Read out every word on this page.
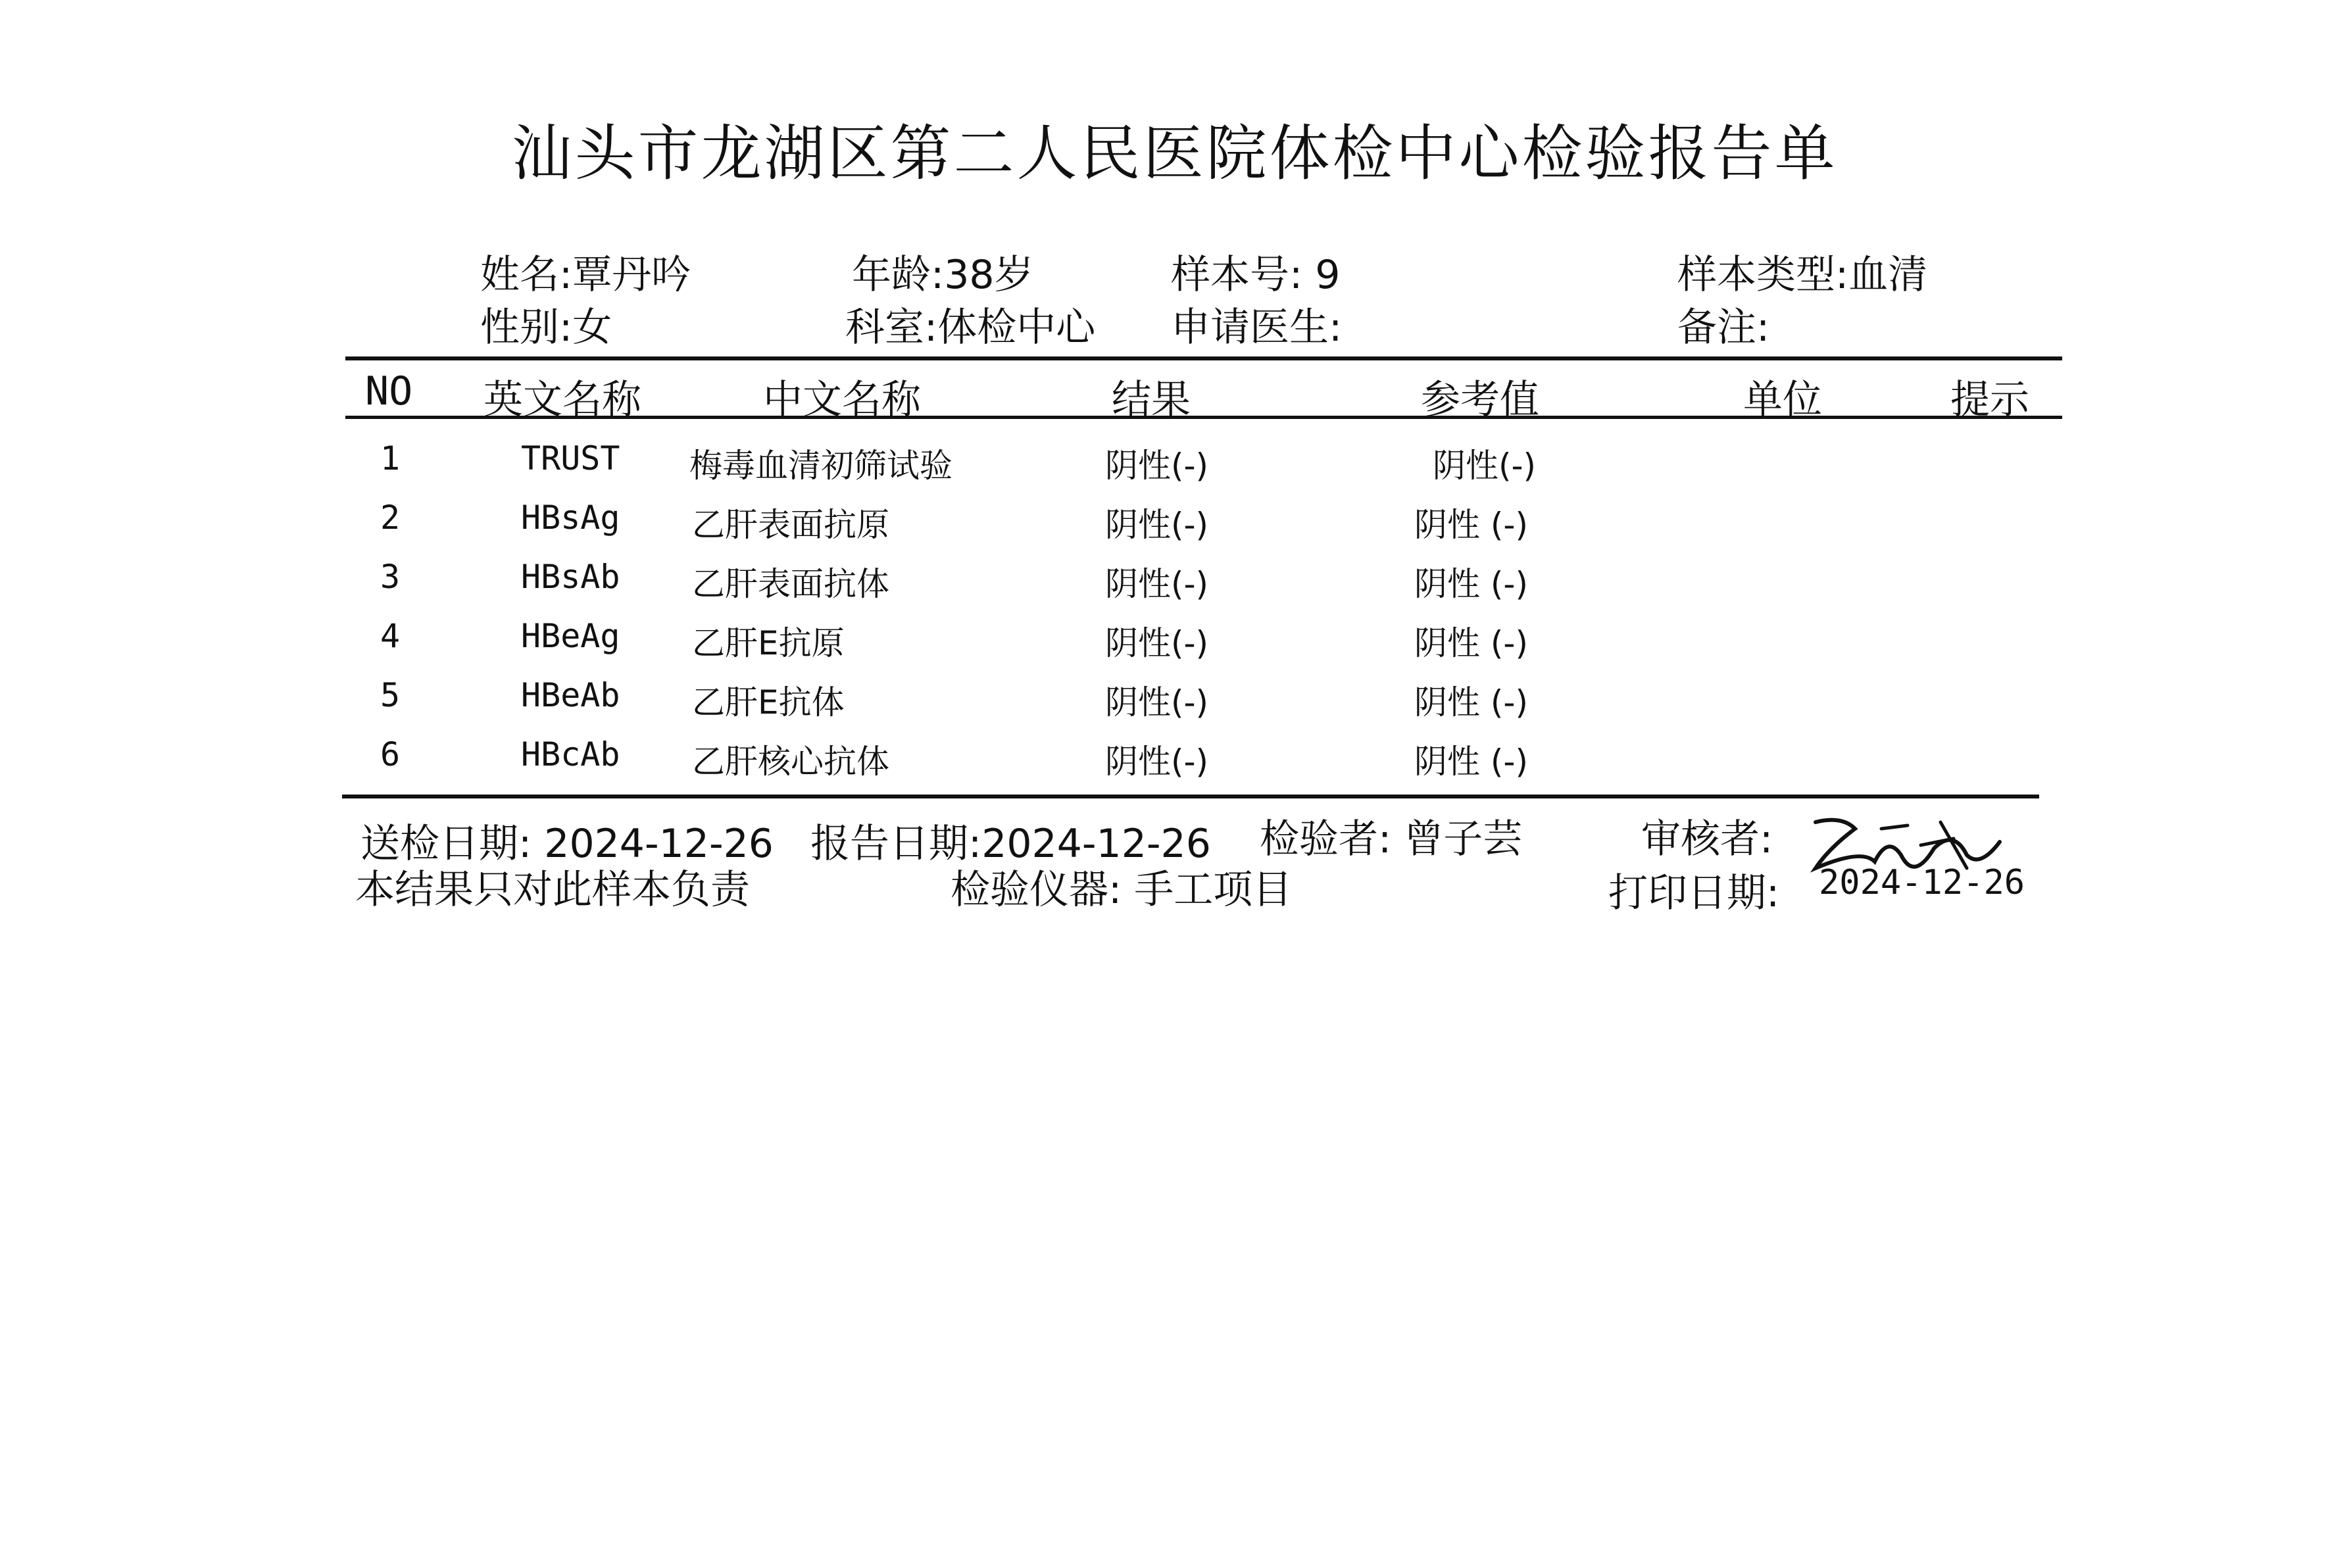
汕头市龙湖区第二人民医院体检中心检验报告单
姓名:覃丹吟	年龄:38岁	样本号: 9	样本类型:血清
性别:女	科室:体检中心 申请医生:	备注:
NO 英文名称	中文名称	结果	参考值	单位	提示
1	TRUST 梅毒血清初筛试验	阴性(-)	阴性(-)
2	HBsAg 乙肝表面抗原	阴性(-)	阴性 (-)
3	HBsAb 乙肝表面抗体	阴性(-)	阴性 (-)
4	HBeAg 乙肝E抗原	阴性(-)	阴性 (-)
5	HBeAb 乙肝E抗体	阴性(-)	阴性 (-)
6	HBcAb 乙肝核心抗体	阴性(-)	阴性 (-)
送检日期: 2024-12-26 报告日期:2024-12-26 检验者: 曾子芸	审核者:
本结果只对此样本负责	检验仪器: 手工项目	打印日期: 2024-12-26
